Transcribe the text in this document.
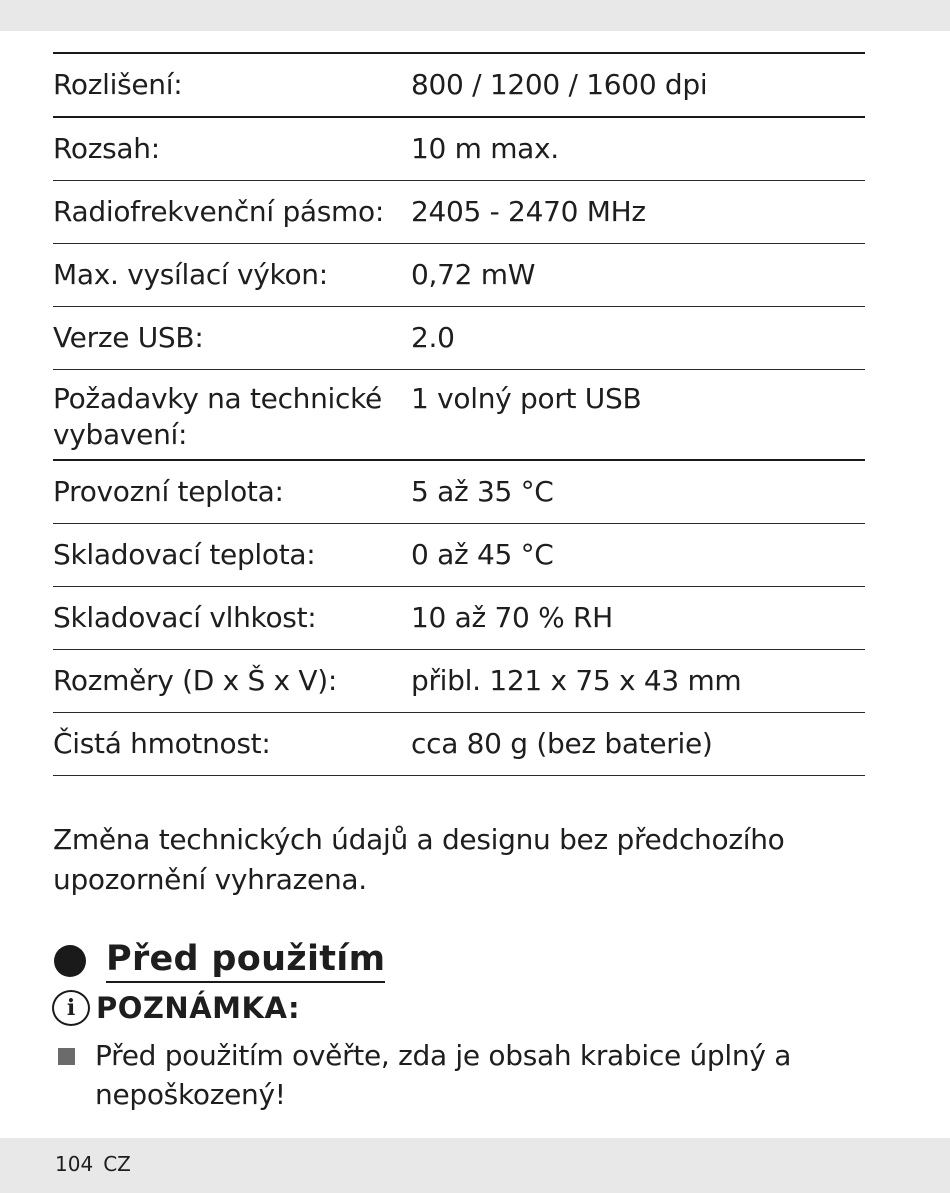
Rozlišení:	800 / 1200 / 1600 dpi
Rozsah:	10 m max.
Radiofrekvenční pásmo:	2405 - 2470 MHz
Max. vysílací výkon:	0,72 mW
Verze USB:	2.0
Požadavky na technické vybavení:	1 volný port USB
Provozní teplota:	5 až 35 °C
Skladovací teplota:	0 až 45 °C
Skladovací vlhkost:	10 až 70 % RH
Rozměry (D x Š x V):	přibl. 121 x 75 x 43 mm
Čistá hmotnost:	cca 80 g (bez baterie)

Změna technických údajů a designu bez předchozího upozornění vyhrazena.

Před použitím
i POZNÁMKA:
Před použitím ověřte, zda je obsah krabice úplný a nepoškozený!
104 CZ
